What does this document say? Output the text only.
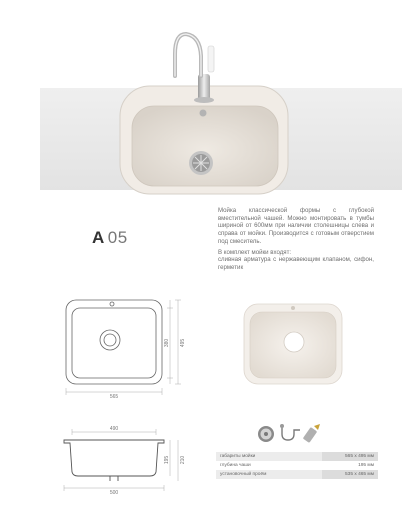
A 05

Мойка классической формы с глубокой вместительной чашей. Можно монтировать в тумбы шириной от 600мм при наличии столешницы слева и справа от мойки. Производится с готовым отверстием под смеситель.

В комплект мойки входят:

сливная арматура с нержавеющим клапаном, сифон, герметик

565
380 495
490
195 210
500
габариты мойки	565 х 495 мм
глубина чаши	195 мм
установочный проём	535 х 465 мм
